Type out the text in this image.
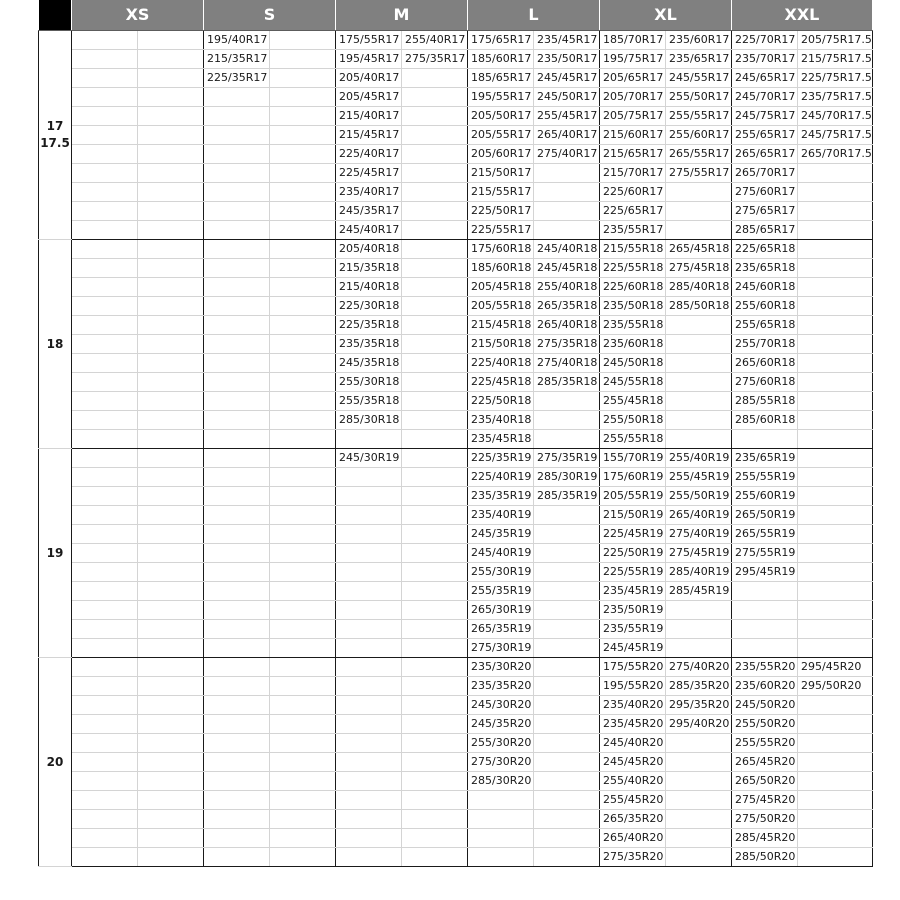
	XS		S		M		L		XL		XXL	

17
17.5			195/40R17		175/55R17	255/40R17	175/65R17	235/45R17	185/70R17	235/60R17	225/70R17	205/75R17.5
			215/35R17		195/45R17	275/35R17	185/60R17	235/50R17	195/75R17	235/65R17	235/70R17	215/75R17.5
			225/35R17		205/40R17		185/65R17	245/45R17	205/65R17	245/55R17	245/65R17	225/75R17.5
					205/45R17		195/55R17	245/50R17	205/70R17	255/50R17	245/70R17	235/75R17.5
					215/40R17		205/50R17	255/45R17	205/75R17	255/55R17	245/75R17	245/70R17.5
					215/45R17		205/55R17	265/40R17	215/60R17	255/60R17	255/65R17	245/75R17.5
					225/40R17		205/60R17	275/40R17	215/65R17	265/55R17	265/65R17	265/70R17.5
					225/45R17		215/50R17		215/70R17	275/55R17	265/70R17	
					235/40R17		215/55R17		225/60R17		275/60R17	
					245/35R17		225/50R17		225/65R17		275/65R17	
					245/40R17		225/55R17		235/55R17		285/65R17	

18					205/40R18		175/60R18	245/40R18	215/55R18	265/45R18	225/65R18	
					215/35R18		185/60R18	245/45R18	225/55R18	275/45R18	235/65R18	
					215/40R18		205/45R18	255/40R18	225/60R18	285/40R18	245/60R18	
					225/30R18		205/55R18	265/35R18	235/50R18	285/50R18	255/60R18	
					225/35R18		215/45R18	265/40R18	235/55R18		255/65R18	
					235/35R18		215/50R18	275/35R18	235/60R18		255/70R18	
					245/35R18		225/40R18	275/40R18	245/50R18		265/60R18	
					255/30R18		225/45R18	285/35R18	245/55R18		275/60R18	
					255/35R18		225/50R18		255/45R18		285/55R18	
					285/30R18		235/40R18		255/50R18		285/60R18	
							235/45R18		255/55R18			

19					245/30R19		225/35R19	275/35R19	155/70R19	255/40R19	235/65R19	
							225/40R19	285/30R19	175/60R19	255/45R19	255/55R19	
							235/35R19	285/35R19	205/55R19	255/50R19	255/60R19	
							235/40R19		215/50R19	265/40R19	265/50R19	
							245/35R19		225/45R19	275/40R19	265/55R19	
							245/40R19		225/50R19	275/45R19	275/55R19	
							255/30R19		225/55R19	285/40R19	295/45R19	
							255/35R19		235/45R19	285/45R19		
							265/30R19		235/50R19			
							265/35R19		235/55R19			
							275/30R19		245/45R19			

20							235/30R20		175/55R20	275/40R20	235/55R20	295/45R20
							235/35R20		195/55R20	285/35R20	235/60R20	295/50R20
							245/30R20		235/40R20	295/35R20	245/50R20	
							245/35R20		235/45R20	295/40R20	255/50R20	
							255/30R20		245/40R20		255/55R20	
							275/30R20		245/45R20		265/45R20	
							285/30R20		255/40R20		265/50R20	
									255/45R20		275/45R20	
									265/35R20		275/50R20	
									265/40R20		285/45R20	
									275/35R20		285/50R20	
